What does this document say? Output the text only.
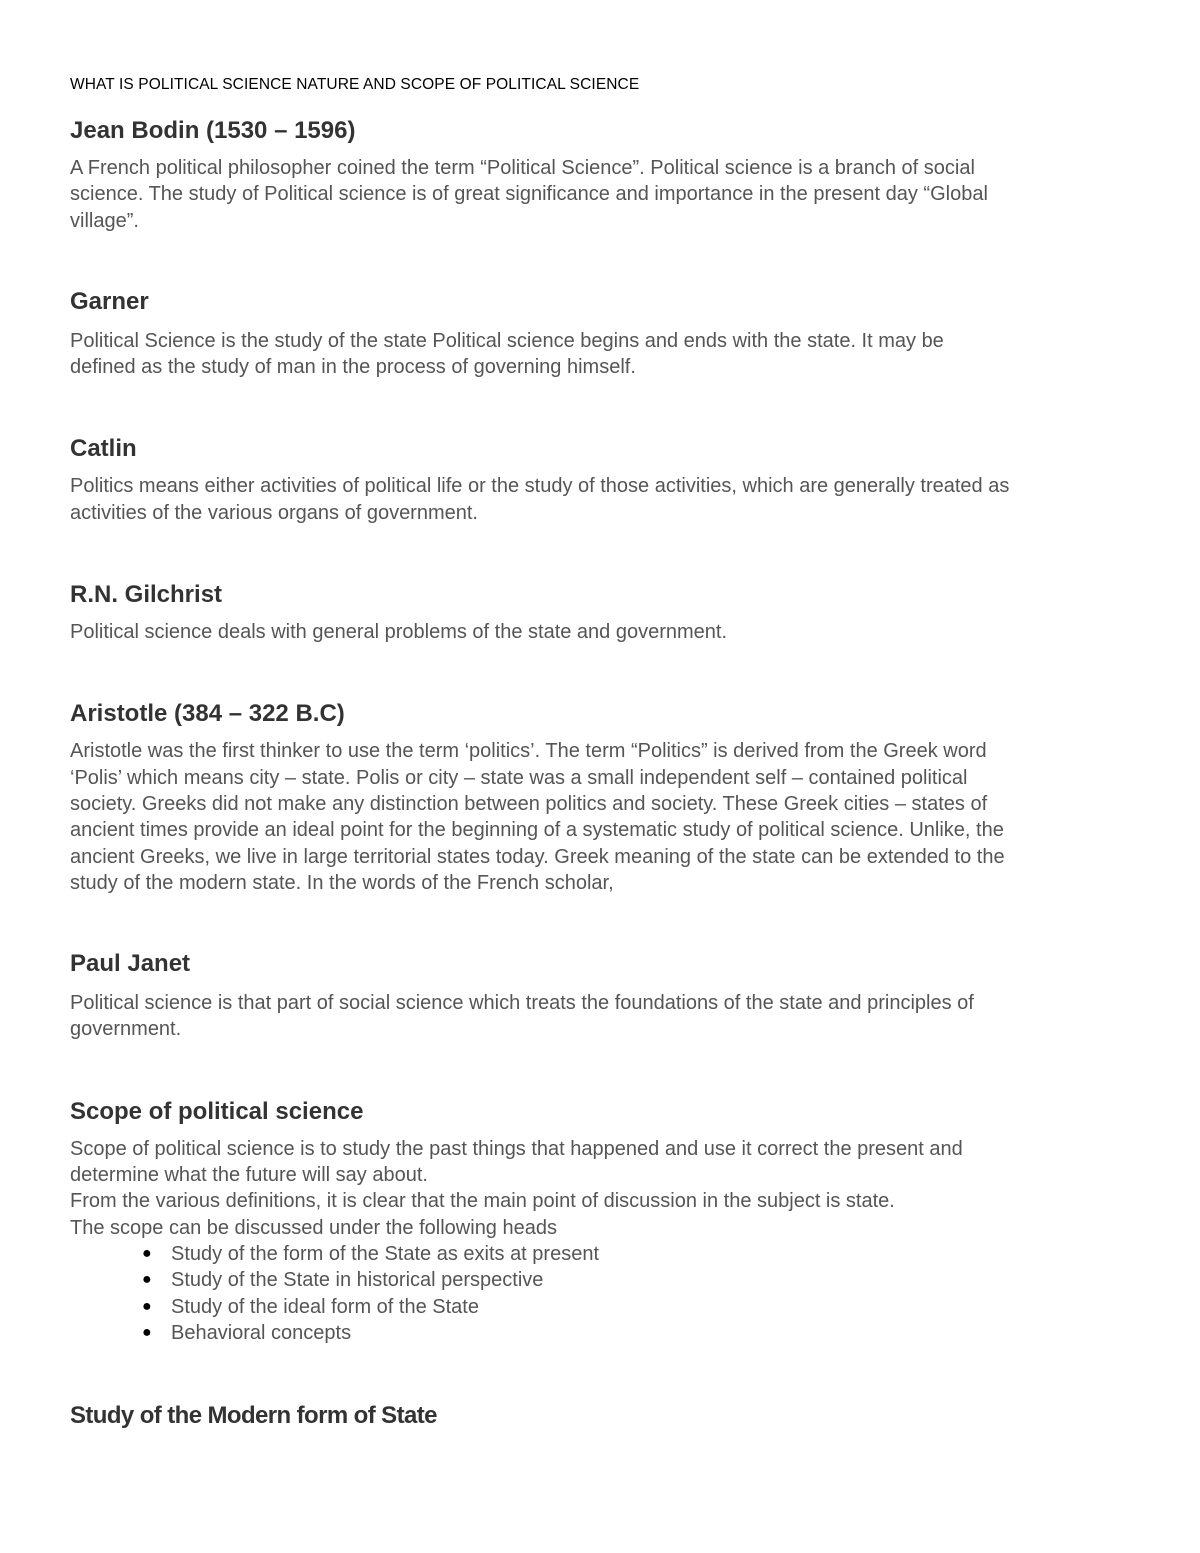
WHAT IS POLITICAL SCIENCE NATURE AND SCOPE OF POLITICAL SCIENCE

Jean Bodin (1530 – 1596)

A French political philosopher coined the term “Political Science”. Political science is a branch of social

science. The study of Political science is of great significance and importance in the present day “Global

village”.

Garner

Political Science is the study of the state Political science begins and ends with the state. It may be

defined as the study of man in the process of governing himself.

Catlin

Politics means either activities of political life or the study of those activities, which are generally treated as

activities of the various organs of government.

R.N. Gilchrist

Political science deals with general problems of the state and government.

Aristotle (384 – 322 B.C)

Aristotle was the first thinker to use the term ‘politics’. The term “Politics” is derived from the Greek word

‘Polis’ which means city – state. Polis or city – state was a small independent self – contained political

society. Greeks did not make any distinction between politics and society. These Greek cities – states of

ancient times provide an ideal point for the beginning of a systematic study of political science. Unlike, the

ancient Greeks, we live in large territorial states today. Greek meaning of the state can be extended to the

study of the modern state. In the words of the French scholar,

Paul Janet

Political science is that part of social science which treats the foundations of the state and principles of

government.

Scope of political science

Scope of political science is to study the past things that happened and use it correct the present and

determine what the future will say about.

From the various definitions, it is clear that the main point of discussion in the subject is state.

The scope can be discussed under the following heads

● Study of the form of the State as exits at present
● Study of the State in historical perspective
● Study of the ideal form of the State
● Behavioral concepts
Study of the Modern form of State
